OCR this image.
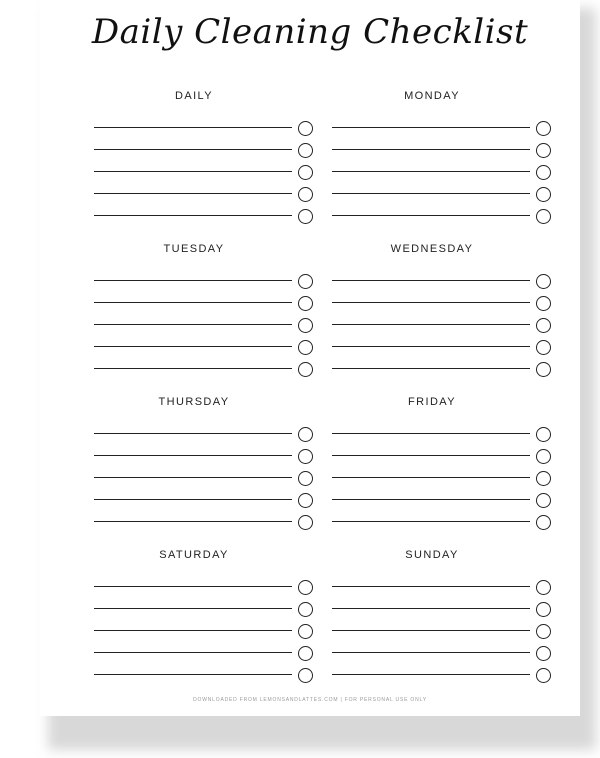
Daily Cleaning Checklist
DAILY	MONDAY
TUESDAY	WEDNESDAY
THURSDAY	FRIDAY
SATURDAY	SUNDAY
DOWNLOADED FROM LEMONSANDLATTES.COM | FOR PERSONAL USE ONLY
